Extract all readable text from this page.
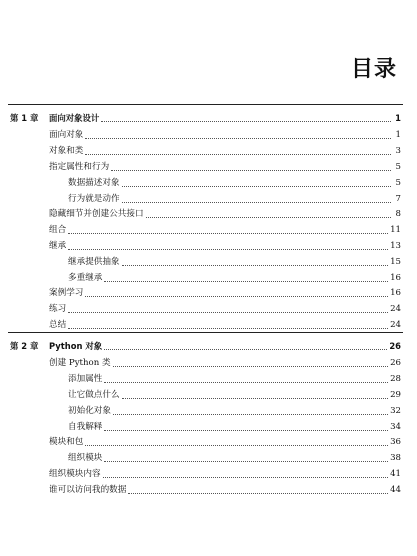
目录
第 1 章 面向对象设计	1
面向对象	1
对象和类	3
指定属性和行为	5
数据描述对象	5
行为就是动作	7
隐藏细节并创建公共接口	8
组合	11
继承	13
继承提供抽象	15
多重继承	16
案例学习	16
练习	24
总结	24
第 2 章 Python 对象	26
创建 Python 类	26
添加属性	28
让它做点什么	29
初始化对象	32
自我解释	34
模块和包	36
组织模块	38
组织模块内容	41
谁可以访问我的数据	44
